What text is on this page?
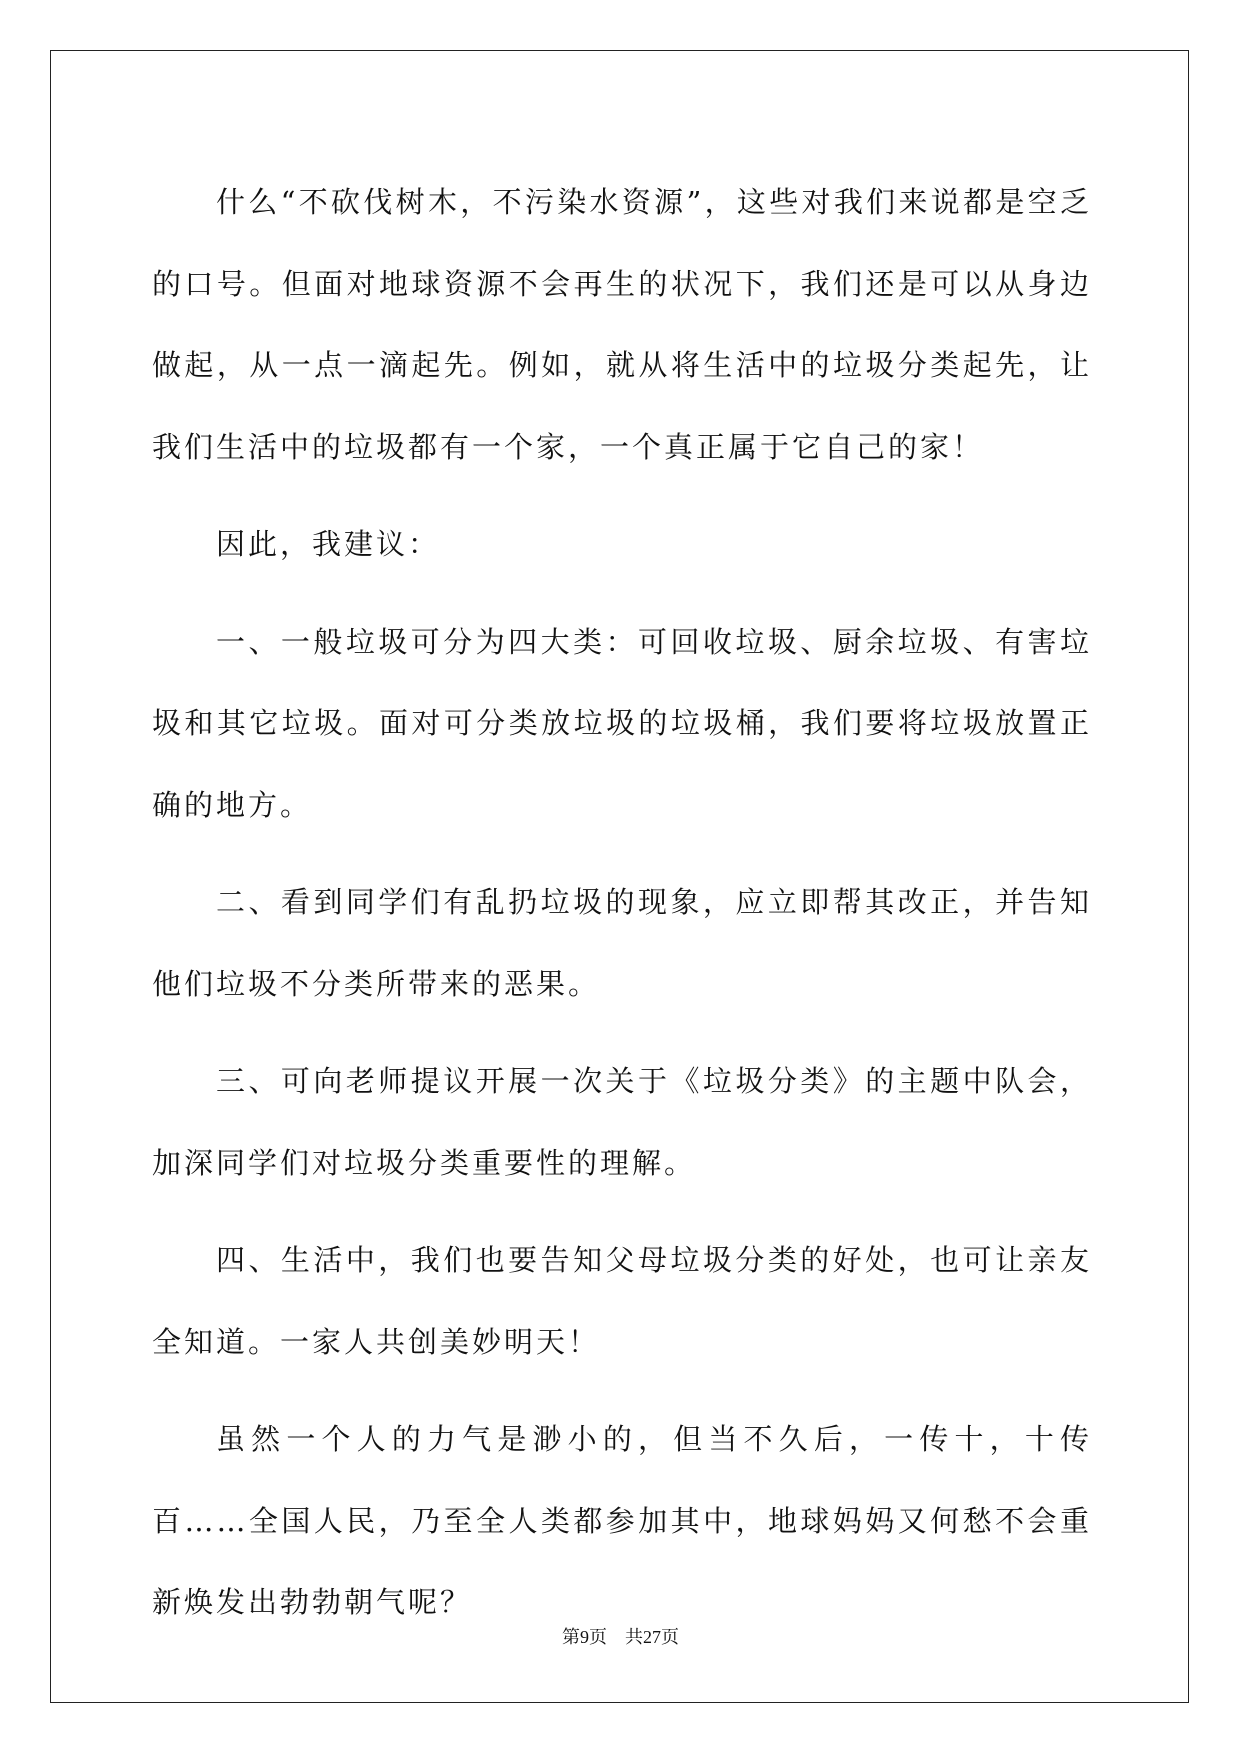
什么“不砍伐树木，不污染水资源”，这些对我们来说都是空乏的口号。但面对地球资源不会再生的状况下，我们还是可以从身边做起，从一点一滴起先。例如，就从将生活中的垃圾分类起先，让我们生活中的垃圾都有一个家，一个真正属于它自己的家！

因此，我建议：

一、一般垃圾可分为四大类：可回收垃圾、厨余垃圾、有害垃圾和其它垃圾。面对可分类放垃圾的垃圾桶，我们要将垃圾放置正确的地方。

二、看到同学们有乱扔垃圾的现象，应立即帮其改正，并告知他们垃圾不分类所带来的恶果。

三、可向老师提议开展一次关于《垃圾分类》的主题中队会，加深同学们对垃圾分类重要性的理解。

四、生活中，我们也要告知父母垃圾分类的好处，也可让亲友全知道。一家人共创美妙明天！

虽然一个人的力气是渺小的，但当不久后，一传十，十传百……全国人民，乃至全人类都参加其中，地球妈妈又何愁不会重新焕发出勃勃朝气呢？

第9页 共27页
